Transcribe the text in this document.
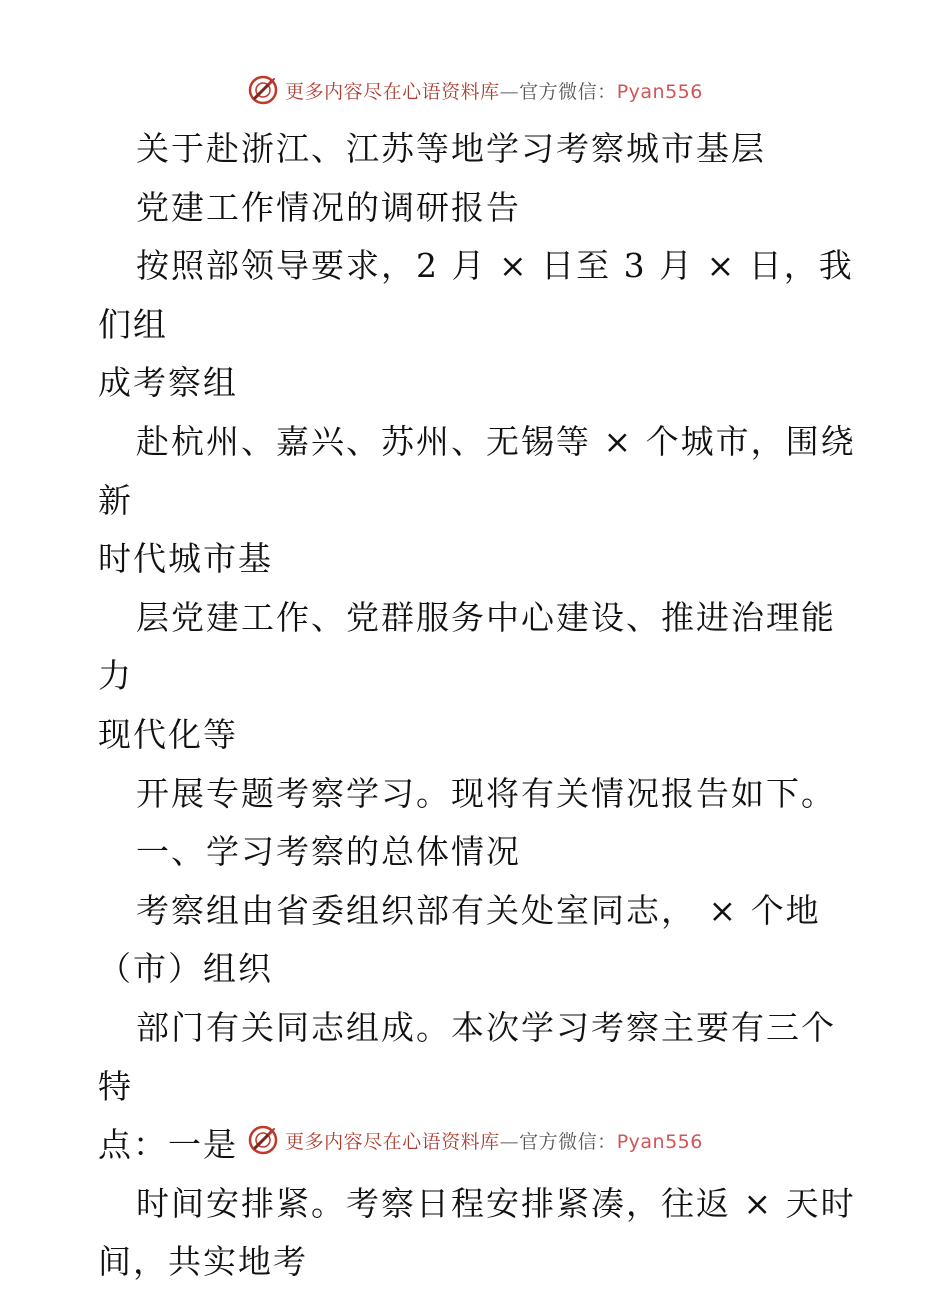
更多内容尽在心语资料库—官方微信：Pyan556

关于赴浙江、江苏等地学习考察城市基层

党建工作情况的调研报告

按照部领导要求，2 月 × 日至 3 月 × 日，我们组

成考察组

赴杭州、嘉兴、苏州、无锡等 × 个城市，围绕新

时代城市基

层党建工作、党群服务中心建设、推进治理能力

现代化等

开展专题考察学习。现将有关情况报告如下。

一、学习考察的总体情况

考察组由省委组织部有关处室同志， × 个地

（市）组织

部门有关同志组成。本次学习考察主要有三个特

点：一是

时间安排紧。考察日程安排紧凑，往返 × 天时

间，共实地考

更多内容尽在心语资料库—官方微信：Pyan556
